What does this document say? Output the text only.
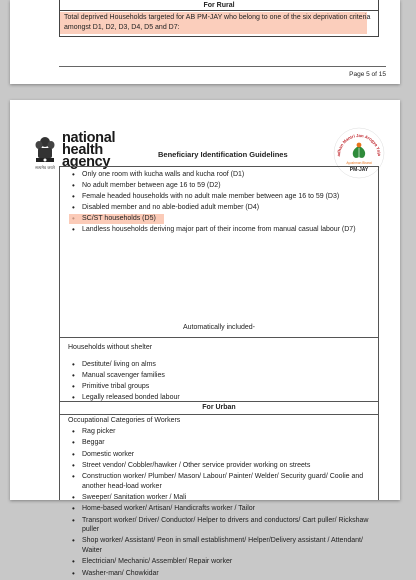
For Rural
Total deprived Households targeted for AB PM-JAY who belong to one of the six deprivation criteria amongst D1, D2, D3, D4, D5 and D7:
Page 5 of 15
सत्यमेव जयते
national
health
agency	Beneficiary Identification Guidelines	adhan Mantri Jan Arogya Yoja
Ayushman Bharat
PM-JAY
• Only one room with kucha walls and kucha roof (D1)
• No adult member between age 16 to 59 (D2)
• Female headed households with no adult male member between age 16 to 59 (D3)
• Disabled member and no able-bodied adult member (D4)
• SC/ST households (D5)
• Landless households deriving major part of their income from manual casual labour (D7)
Automatically included-
Households without shelter
• Destitute/ living on alms
• Manual scavenger families
• Primitive tribal groups
• Legally released bonded labour
For Urban
Occupational Categories of Workers
• Rag picker
• Beggar
• Domestic worker
• Street vendor/ Cobbler/hawker / Other service provider working on streets
• Construction worker/ Plumber/ Mason/ Labour/ Painter/ Welder/ Security guard/ Coolie and another head-load worker
• Sweeper/ Sanitation worker / Mali
• Home-based worker/ Artisan/ Handicrafts worker / Tailor
• Transport worker/ Driver/ Conductor/ Helper to drivers and conductors/ Cart puller/ Rickshaw puller
• Shop worker/ Assistant/ Peon in small establishment/ Helper/Delivery assistant / Attendant/ Waiter
• Electrician/ Mechanic/ Assembler/ Repair worker
• Washer-man/ Chowkidar
